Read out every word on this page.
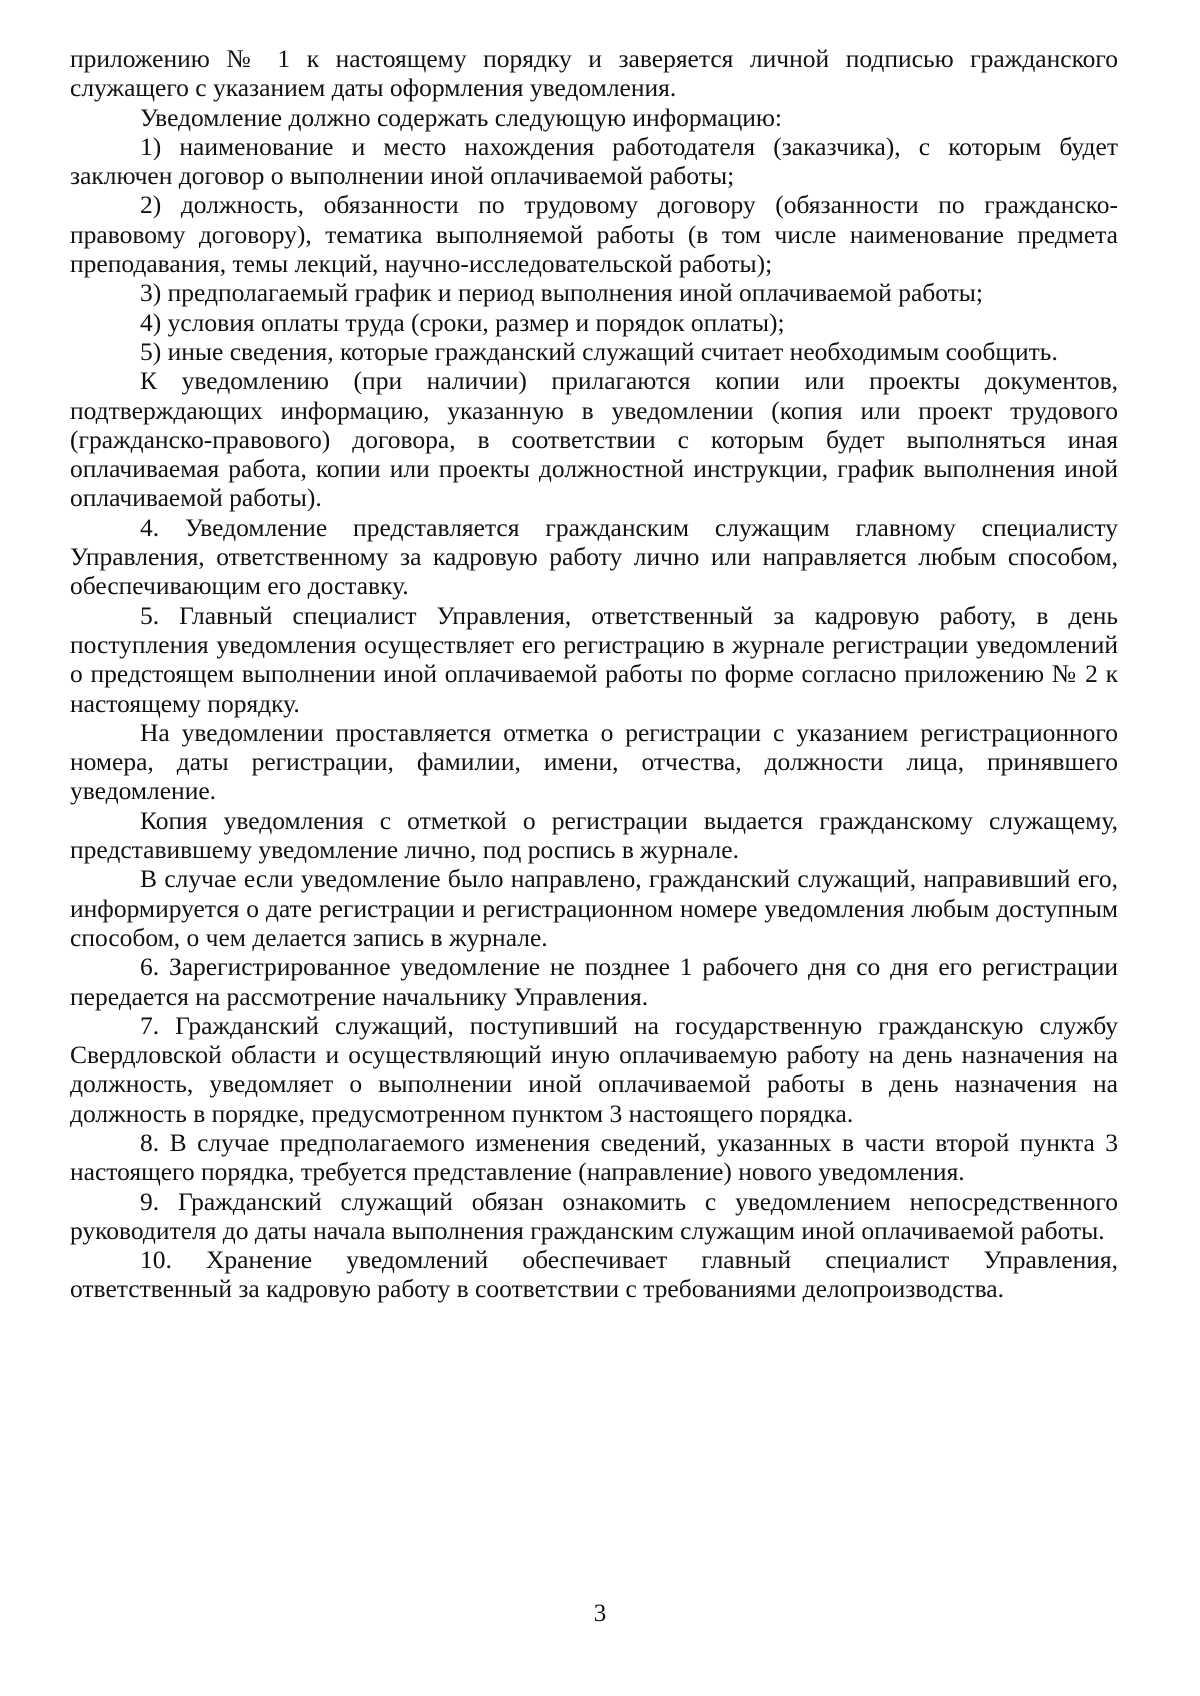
приложению № 1 к настоящему порядку и заверяется личной подписью гражданского служащего с указанием даты оформления уведомления.

Уведомление должно содержать следующую информацию:

1) наименование и место нахождения работодателя (заказчика), с которым будет заключен договор о выполнении иной оплачиваемой работы;

2) должность, обязанности по трудовому договору (обязанности по гражданско-правовому договору), тематика выполняемой работы (в том числе наименование предмета преподавания, темы лекций, научно-исследовательской работы);

3) предполагаемый график и период выполнения иной оплачиваемой работы;

4) условия оплаты труда (сроки, размер и порядок оплаты);

5) иные сведения, которые гражданский служащий считает необходимым сообщить.

К уведомлению (при наличии) прилагаются копии или проекты документов, подтверждающих информацию, указанную в уведомлении (копия или проект трудового (гражданско-правового) договора, в соответствии с которым будет выполняться иная оплачиваемая работа, копии или проекты должностной инструкции, график выполнения иной оплачиваемой работы).

4. Уведомление представляется гражданским служащим главному специалисту Управления, ответственному за кадровую работу лично или направляется любым способом, обеспечивающим его доставку.

5. Главный специалист Управления, ответственный за кадровую работу, в день поступления уведомления осуществляет его регистрацию в журнале регистрации уведомлений о предстоящем выполнении иной оплачиваемой работы по форме согласно приложению № 2 к настоящему порядку.

На уведомлении проставляется отметка о регистрации с указанием регистрационного номера, даты регистрации, фамилии, имени, отчества, должности лица, принявшего уведомление.

Копия уведомления с отметкой о регистрации выдается гражданскому служащему, представившему уведомление лично, под роспись в журнале.

В случае если уведомление было направлено, гражданский служащий, направивший его, информируется о дате регистрации и регистрационном номере уведомления любым доступным способом, о чем делается запись в журнале.

6. Зарегистрированное уведомление не позднее 1 рабочего дня со дня его регистрации передается на рассмотрение начальнику Управления.

7. Гражданский служащий, поступивший на государственную гражданскую службу Свердловской области и осуществляющий иную оплачиваемую работу на день назначения на должность, уведомляет о выполнении иной оплачиваемой работы в день назначения на должность в порядке, предусмотренном пунктом 3 настоящего порядка.

8. В случае предполагаемого изменения сведений, указанных в части второй пункта 3 настоящего порядка, требуется представление (направление) нового уведомления.

9. Гражданский служащий обязан ознакомить с уведомлением непосредственного руководителя до даты начала выполнения гражданским служащим иной оплачиваемой работы.

10. Хранение уведомлений обеспечивает главный специалист Управления, ответственный за кадровую работу в соответствии с требованиями делопроизводства.

3
